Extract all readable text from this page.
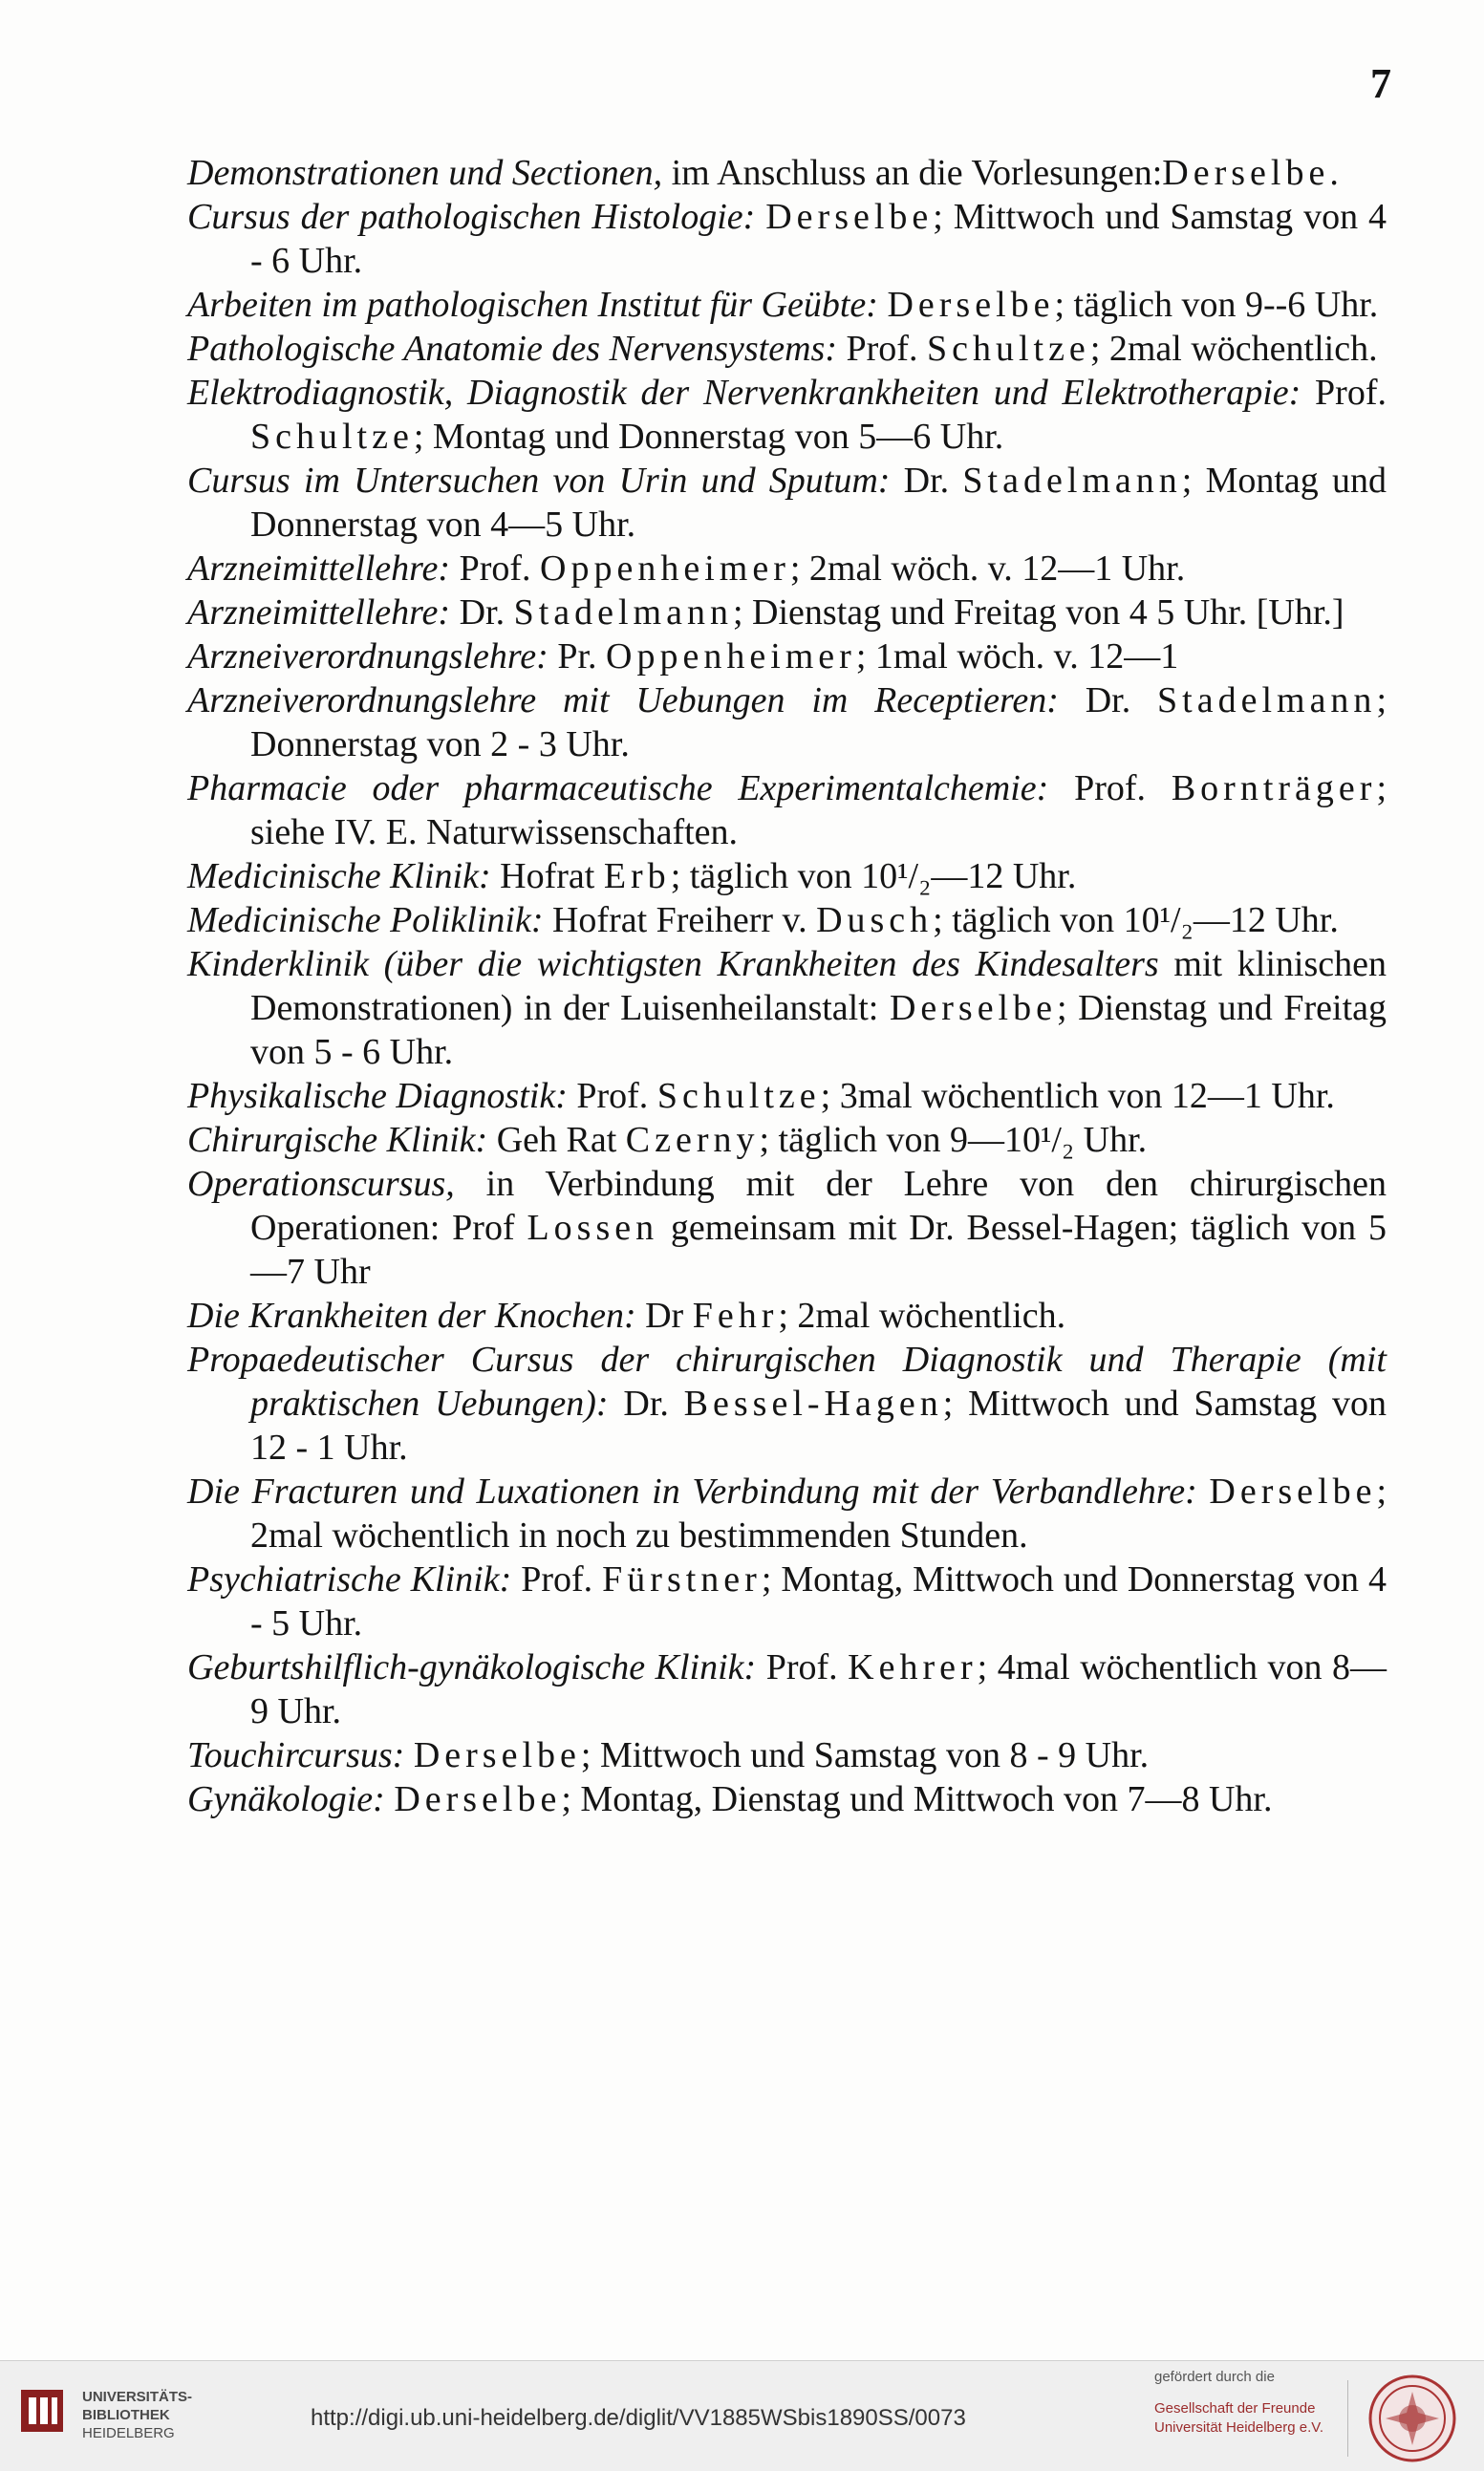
7

Demonstrationen und Sectionen, im Anschluss an die Vorlesungen:Derselbe.

Cursus der pathologischen Histologie: Derselbe; Mittwoch und Samstag von 4 - 6 Uhr.

Arbeiten im pathologischen Institut für Geübte: Derselbe; täglich von 9--6 Uhr.

Pathologische Anatomie des Nervensystems: Prof. Schultze; 2mal wöchentlich.

Elektrodiagnostik, Diagnostik der Nervenkrankheiten und Elektrotherapie: Prof. Schultze; Montag und Donnerstag von 5—6 Uhr.

Cursus im Untersuchen von Urin und Sputum: Dr. Stadelmann; Montag und Donnerstag von 4—5 Uhr.

Arzneimittellehre: Prof. Oppenheimer; 2mal wöch. v. 12—1 Uhr.

Arzneimittellehre: Dr. Stadelmann; Dienstag und Freitag von 4 5 Uhr. [Uhr.]

Arzneiverordnungslehre: Pr. Oppenheimer; 1mal wöch. v. 12—1

Arzneiverordnungslehre mit Uebungen im Receptieren: Dr. Stadelmann; Donnerstag von 2 - 3 Uhr.

Pharmacie oder pharmaceutische Experimentalchemie: Prof. Bornträger; siehe IV. E. Naturwissenschaften.

Medicinische Klinik: Hofrat Erb; täglich von 10¹/₂—12 Uhr.

Medicinische Poliklinik: Hofrat Freiherr v. Dusch; täglich von 10¹/₂—12 Uhr.

Kinderklinik (über die wichtigsten Krankheiten des Kindesalters mit klinischen Demonstrationen) in der Luisenheilanstalt: Derselbe; Dienstag und Freitag von 5 - 6 Uhr.

Physikalische Diagnostik: Prof. Schultze; 3mal wöchentlich von 12—1 Uhr.

Chirurgische Klinik: Geh Rat Czerny; täglich von 9—10¹/₂ Uhr.

Operationscursus, in Verbindung mit der Lehre von den chirurgischen Operationen: Prof Lossen gemeinsam mit Dr. Bessel-Hagen; täglich von 5—7 Uhr

Die Krankheiten der Knochen: Dr Fehr; 2mal wöchentlich.

Propaedeutischer Cursus der chirurgischen Diagnostik und Therapie (mit praktischen Uebungen): Dr. Bessel-Hagen; Mittwoch und Samstag von 12 - 1 Uhr.

Die Fracturen und Luxationen in Verbindung mit der Verbandlehre: Derselbe; 2mal wöchentlich in noch zu bestimmenden Stunden.

Psychiatrische Klinik: Prof. Fürstner; Montag, Mittwoch und Donnerstag von 4 - 5 Uhr.

Geburtshilflich-gynäkologische Klinik: Prof. Kehrer; 4mal wöchentlich von 8—9 Uhr.

Touchircursus: Derselbe; Mittwoch und Samstag von 8 - 9 Uhr.

Gynäkologie: Derselbe; Montag, Dienstag und Mittwoch von 7—8 Uhr.

UNIVERSITÄTS-
BIBLIOTHEK
HEIDELBERG
http://digi.ub.uni-heidelberg.de/diglit/VV1885WSbis1890SS/0073
gefördert durch die
Gesellschaft der Freunde
Universität Heidelberg e.V.
